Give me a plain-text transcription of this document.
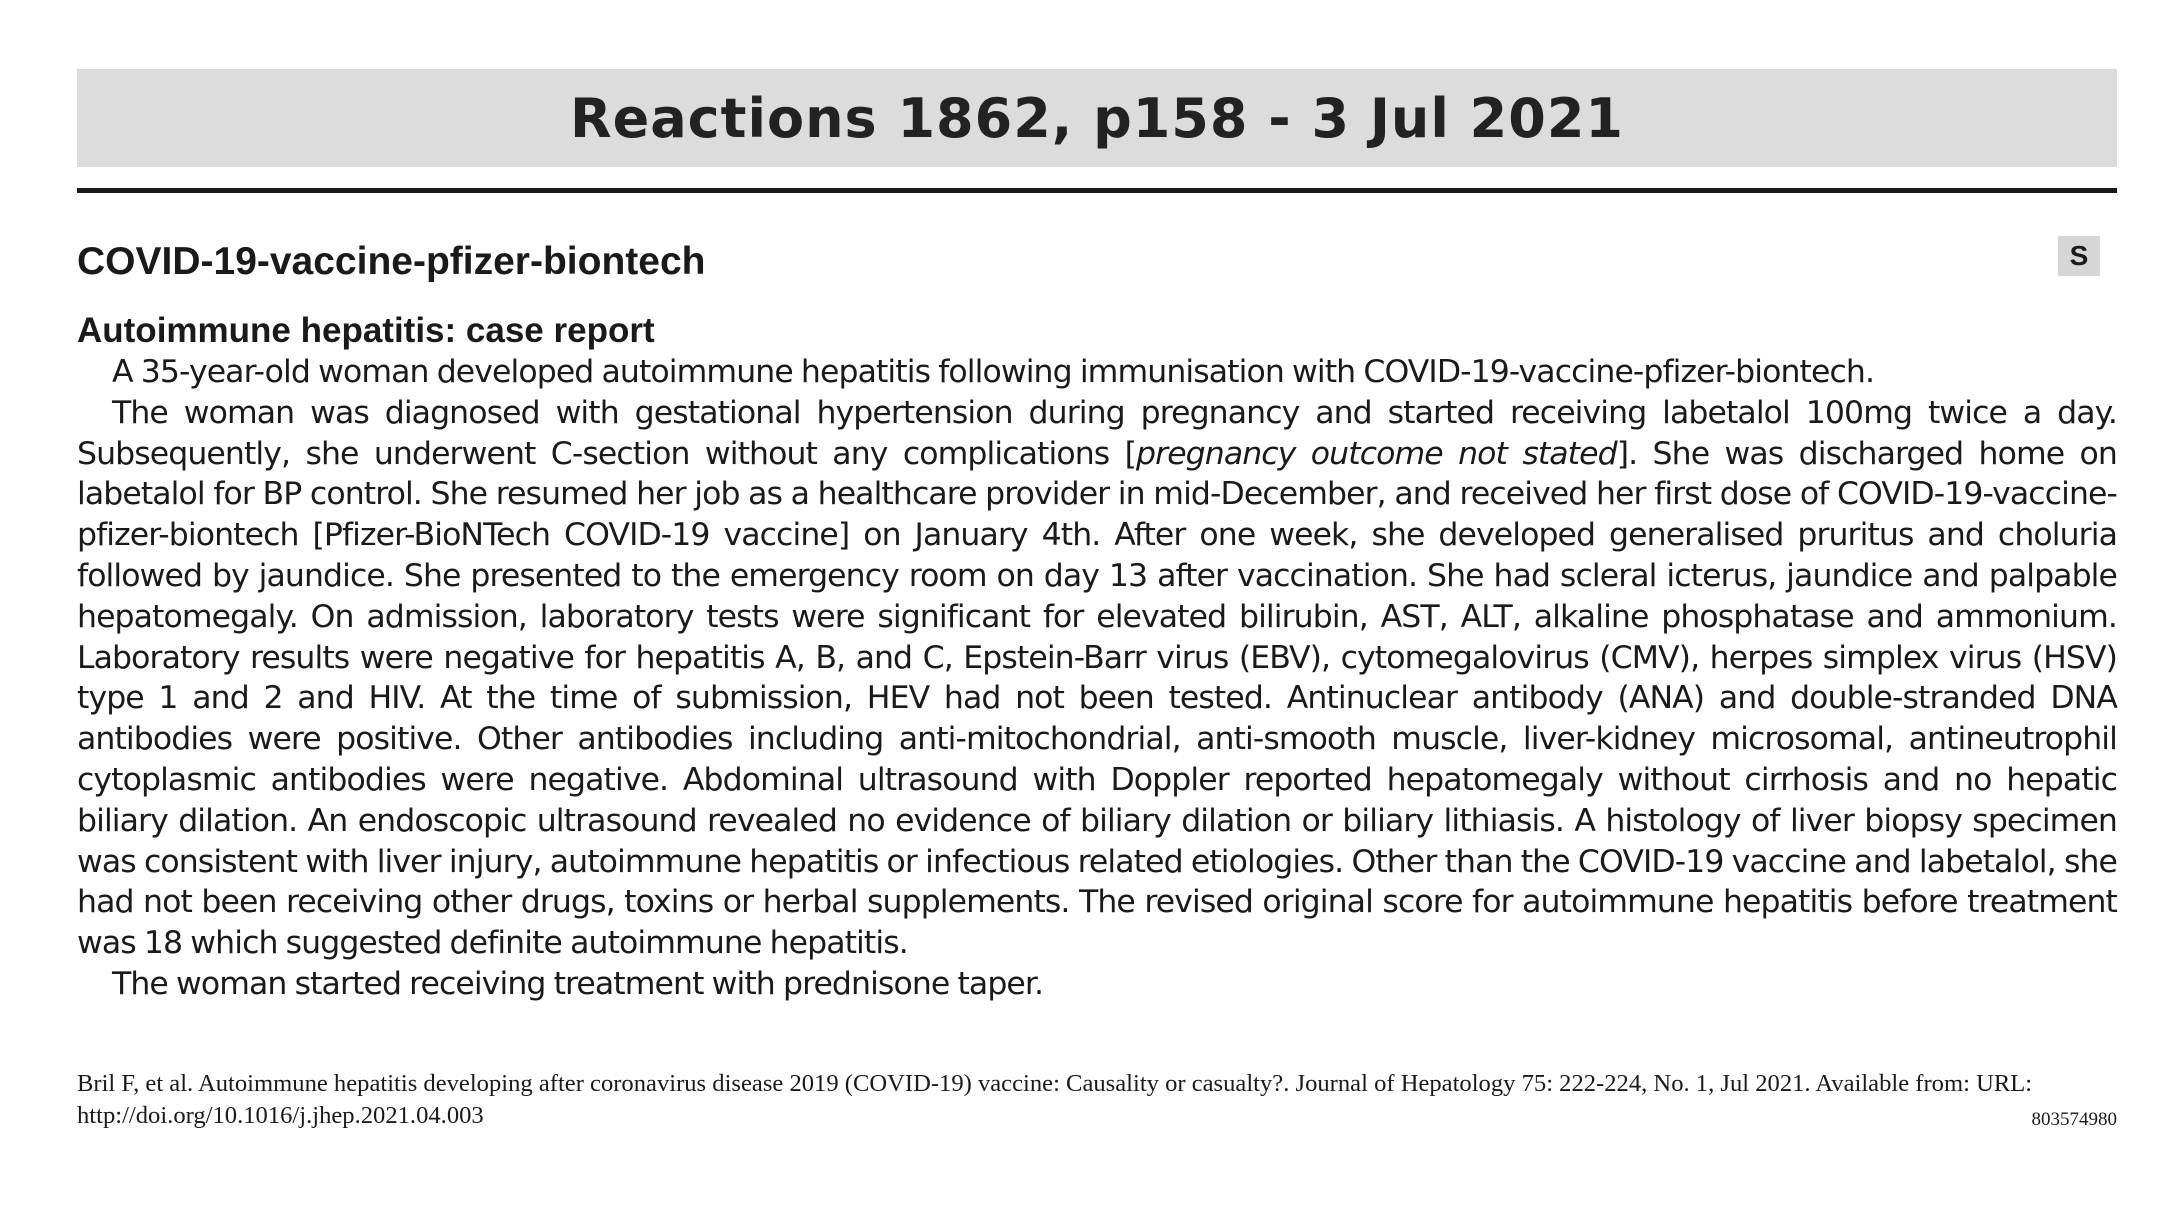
Reactions 1862, p158 - 3 Jul 2021
COVID-19-vaccine-pfizer-biontech	S
Autoimmune hepatitis: case report

A 35-year-old woman developed autoimmune hepatitis following immunisation with COVID-19-vaccine-pfizer-biontech.

The woman was diagnosed with gestational hypertension during pregnancy and started receiving labetalol 100mg twice a day. Subsequently, she underwent C-section without any complications [pregnancy outcome not stated]. She was discharged home on labetalol for BP control. She resumed her job as a healthcare provider in mid-December, and received her first dose of COVID-19-vaccine-pfizer-biontech [Pfizer-BioNTech COVID-19 vaccine] on January 4th. After one week, she developed generalised pruritus and choluria followed by jaundice. She presented to the emergency room on day 13 after vaccination. She had scleral icterus, jaundice and palpable hepatomegaly. On admission, laboratory tests were significant for elevated bilirubin, AST, ALT, alkaline phosphatase and ammonium. Laboratory results were negative for hepatitis A, B, and C, Epstein-Barr virus (EBV), cytomegalovirus (CMV), herpes simplex virus (HSV) type 1 and 2 and HIV. At the time of submission, HEV had not been tested. Antinuclear antibody (ANA) and double-stranded DNA antibodies were positive. Other antibodies including anti-mitochondrial, anti-smooth muscle, liver-kidney microsomal, antineutrophil cytoplasmic antibodies were negative. Abdominal ultrasound with Doppler reported hepatomegaly without cirrhosis and no hepatic biliary dilation. An endoscopic ultrasound revealed no evidence of biliary dilation or biliary lithiasis. A histology of liver biopsy specimen was consistent with liver injury, autoimmune hepatitis or infectious related etiologies. Other than the COVID-19 vaccine and labetalol, she had not been receiving other drugs, toxins or herbal supplements. The revised original score for autoimmune hepatitis before treatment was 18 which suggested definite autoimmune hepatitis.

The woman started receiving treatment with prednisone taper.

Bril F, et al. Autoimmune hepatitis developing after coronavirus disease 2019 (COVID-19) vaccine: Causality or casualty?. Journal of Hepatology 75: 222-224, No. 1, Jul 2021. Available from: URL: http://doi.org/10.1016/j.jhep.2021.04.003	803574980
